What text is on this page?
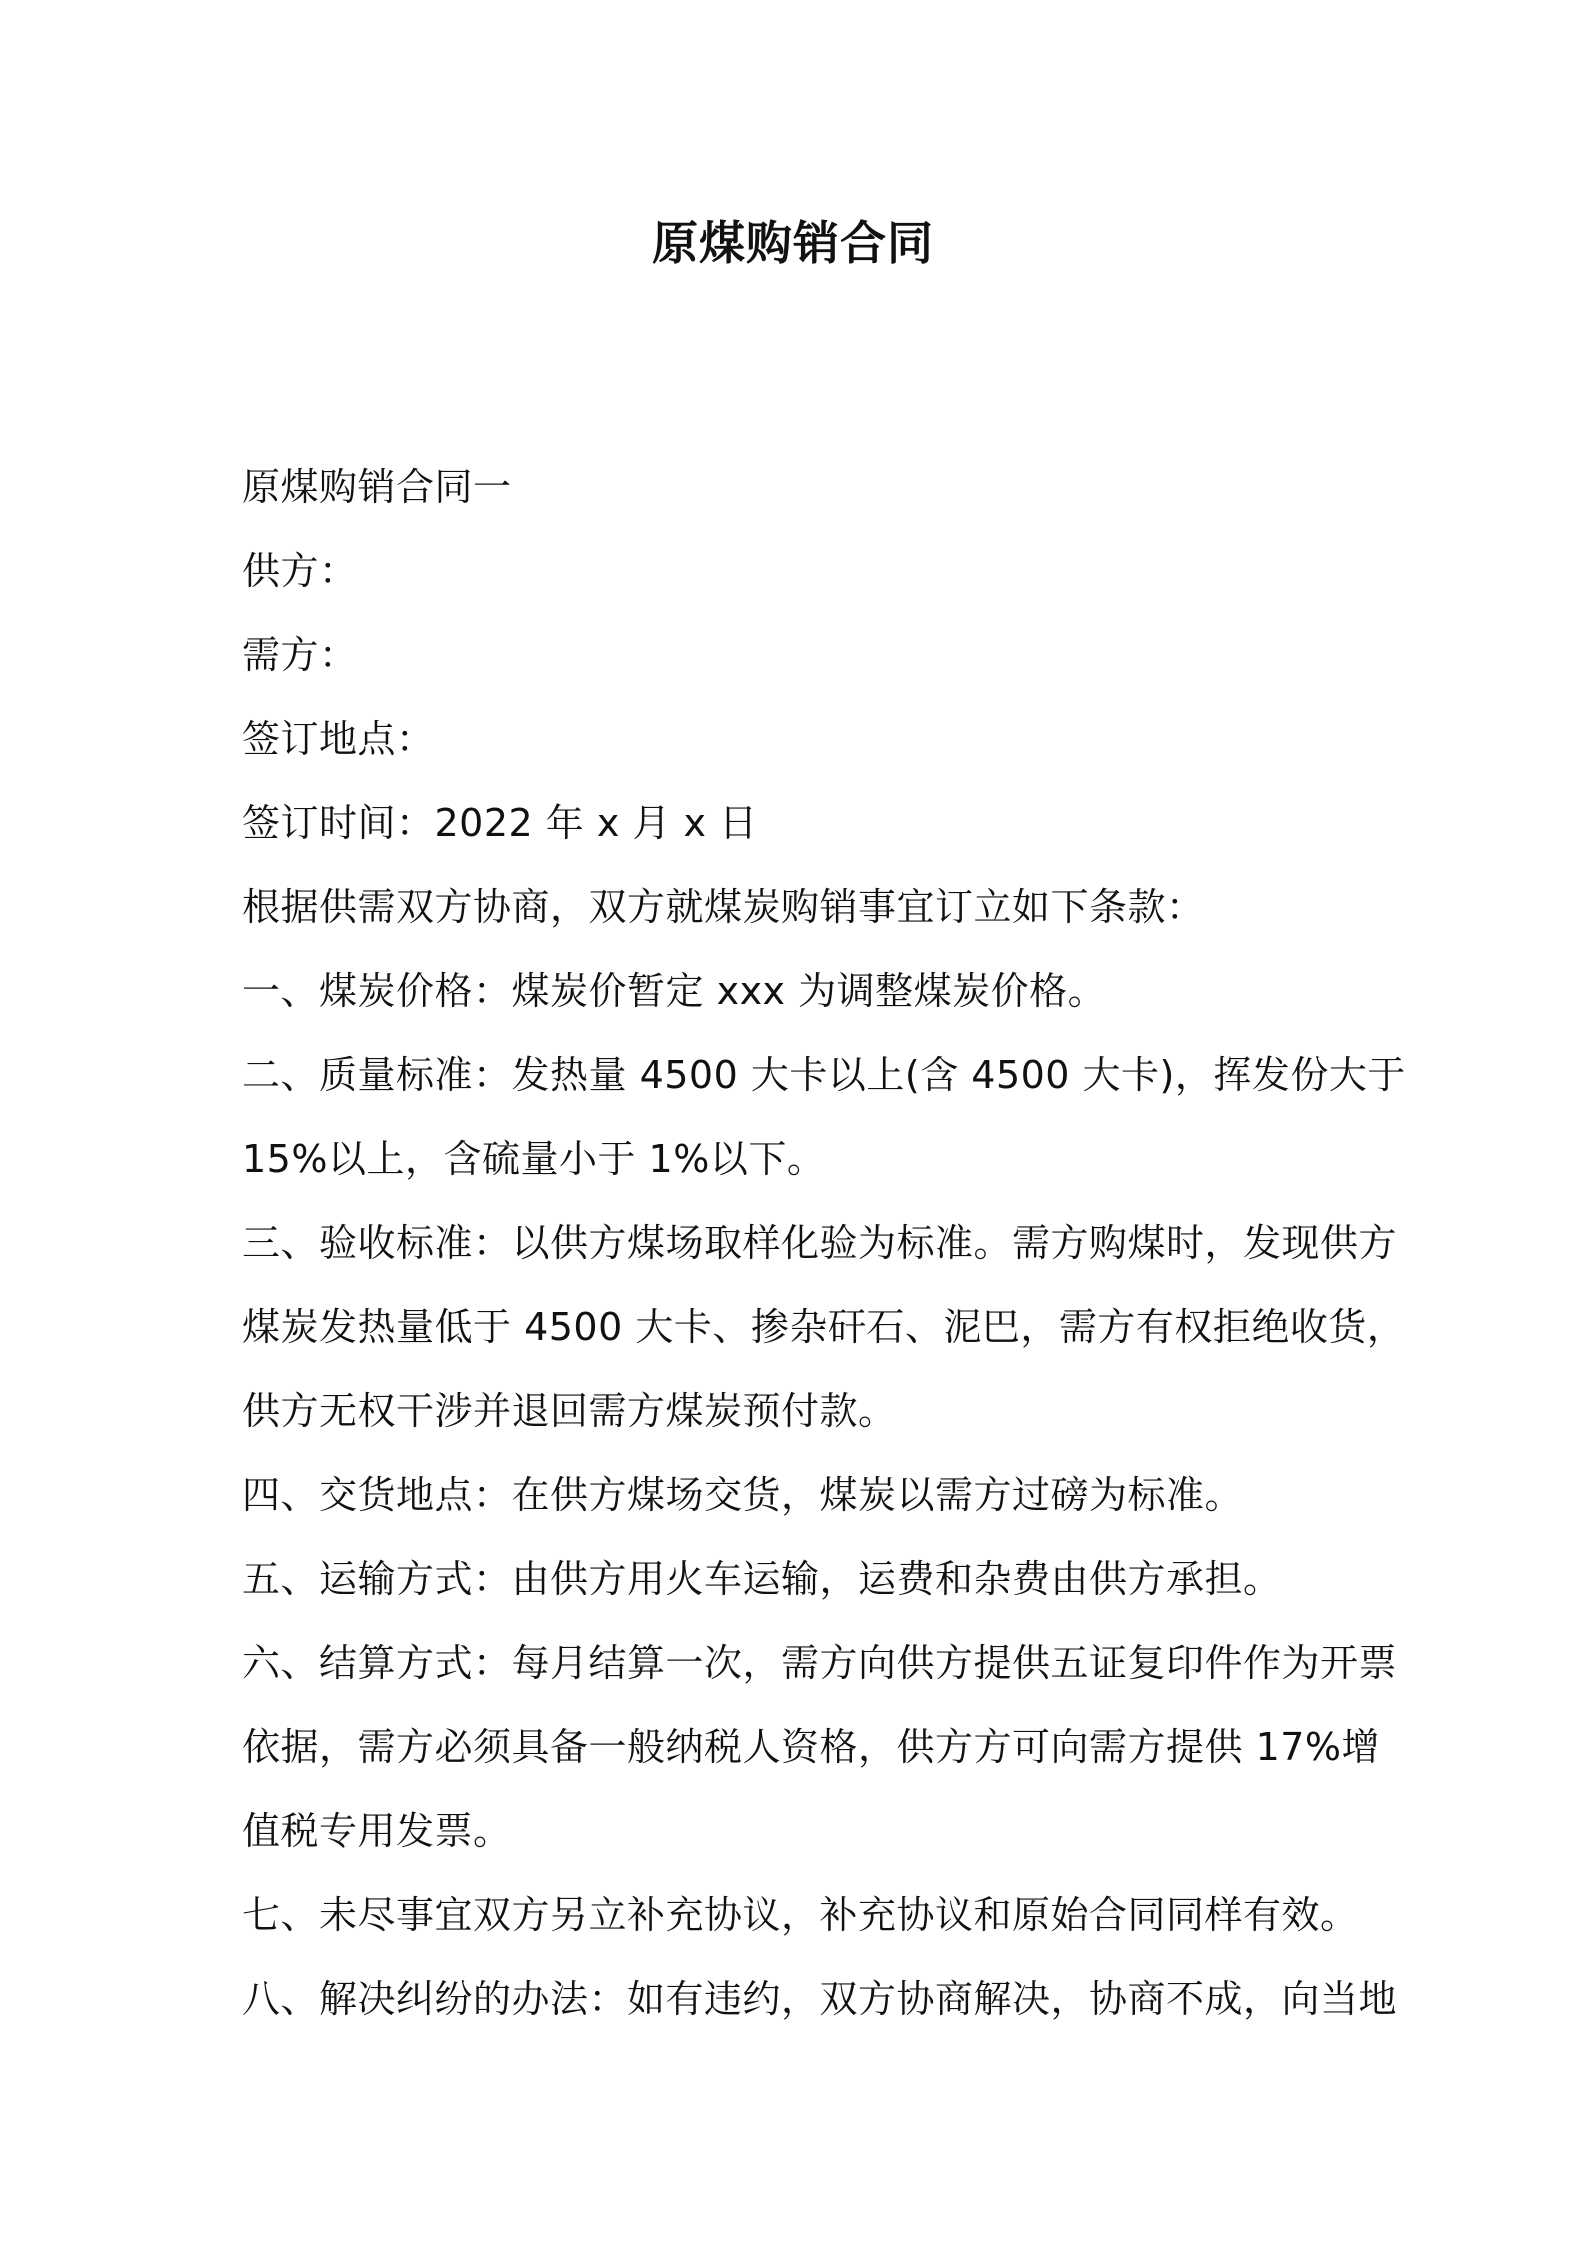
原煤购销合同
原煤购销合同一
供方：
需方：
签订地点：
签订时间：2022 年 x 月 x 日
根据供需双方协商，双方就煤炭购销事宜订立如下条款：
一、煤炭价格：煤炭价暂定 xxx 为调整煤炭价格。
二、质量标准：发热量 4500 大卡以上(含 4500 大卡)，挥发份大于
15%以上，含硫量小于 1%以下。
三、验收标准：以供方煤场取样化验为标准。需方购煤时，发现供方
煤炭发热量低于 4500 大卡、掺杂矸石、泥巴，需方有权拒绝收货，
供方无权干涉并退回需方煤炭预付款。
四、交货地点：在供方煤场交货，煤炭以需方过磅为标准。
五、运输方式：由供方用火车运输，运费和杂费由供方承担。
六、结算方式：每月结算一次，需方向供方提供五证复印件作为开票
依据，需方必须具备一般纳税人资格，供方方可向需方提供 17%增
值税专用发票。
七、未尽事宜双方另立补充协议，补充协议和原始合同同样有效。
八、解决纠纷的办法：如有违约，双方协商解决，协商不成，向当地
